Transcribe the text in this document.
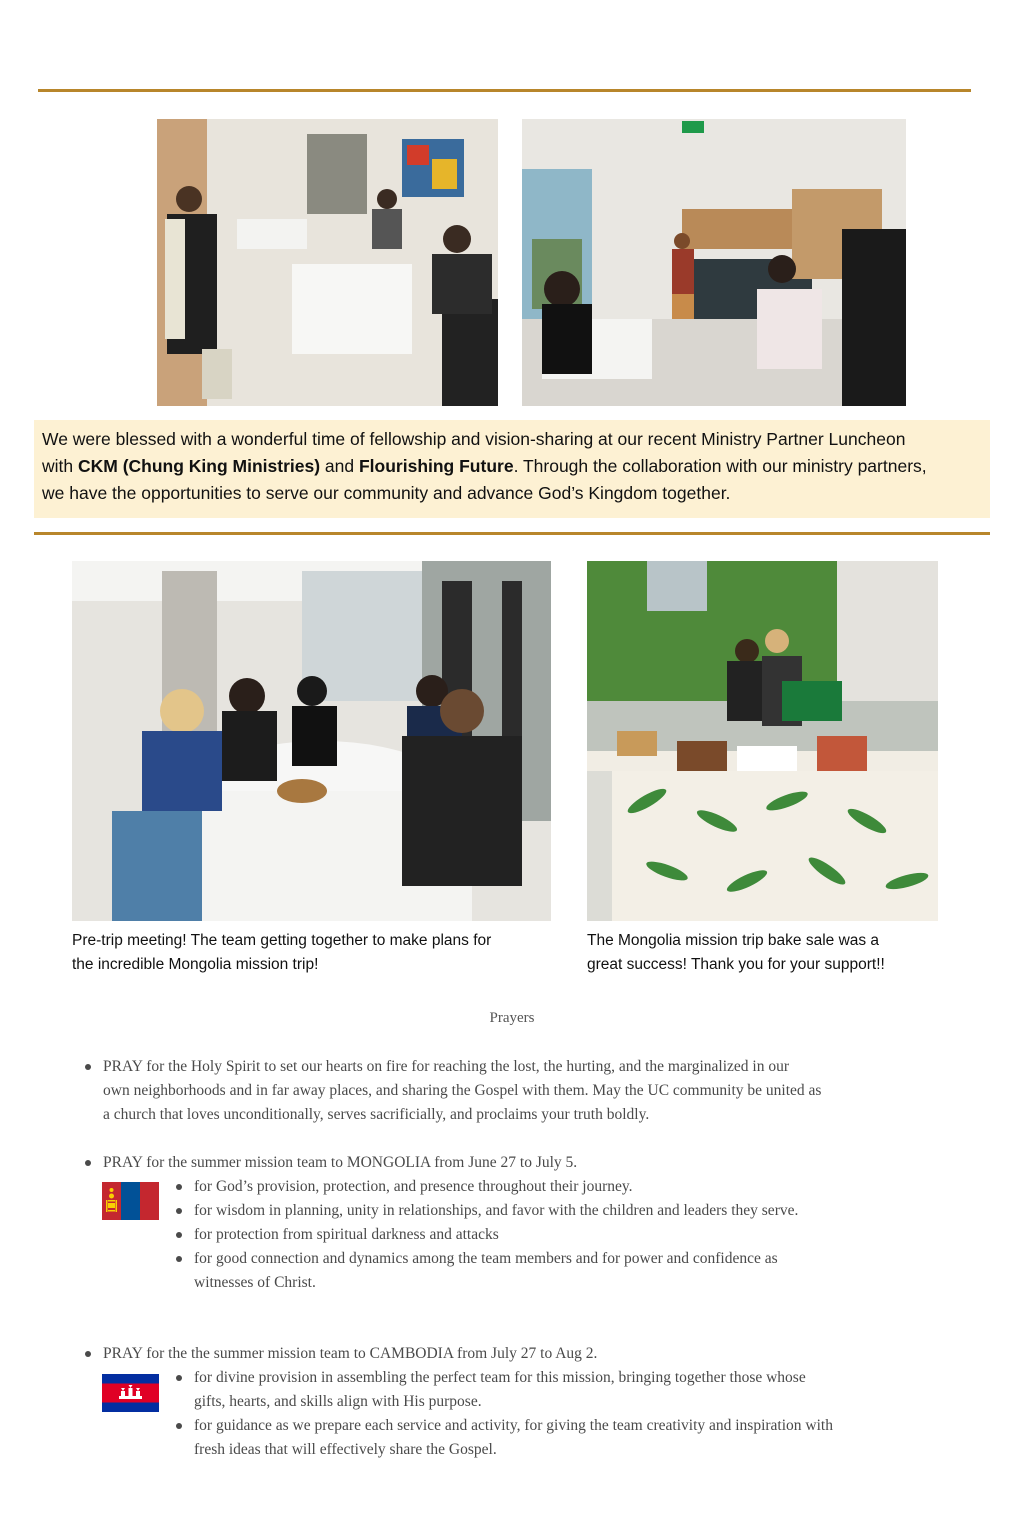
We were blessed with a wonderful time of fellowship and vision-sharing at our recent Ministry Partner Luncheon
with CKM (Chung King Ministries) and Flourishing Future. Through the collaboration with our ministry partners,
we have the opportunities to serve our community and advance God’s Kingdom together.
Pre-trip meeting! The team getting together to make plans for
the incredible Mongolia mission trip!
The Mongolia mission trip bake sale was a
great success! Thank you for your support!!
Prayers
PRAY for the Holy Spirit to set our hearts on fire for reaching the lost, the hurting, and the marginalized in our
own neighborhoods and in far away places, and sharing the Gospel with them. May the UC community be united as
a church that loves unconditionally, serves sacrificially, and proclaims your truth boldly.
PRAY for the summer mission team to MONGOLIA from June 27 to July 5.
for God’s provision, protection, and presence throughout their journey.
for wisdom in planning, unity in relationships, and favor with the children and leaders they serve.
for protection from spiritual darkness and attacks
for good connection and dynamics among the team members and for power and confidence as
witnesses of Christ.
PRAY for the the summer mission team to CAMBODIA from July 27 to Aug 2.
for divine provision in assembling the perfect team for this mission, bringing together those whose
gifts, hearts, and skills align with His purpose.
for guidance as we prepare each service and activity, for giving the team creativity and inspiration with
fresh ideas that will effectively share the Gospel.
